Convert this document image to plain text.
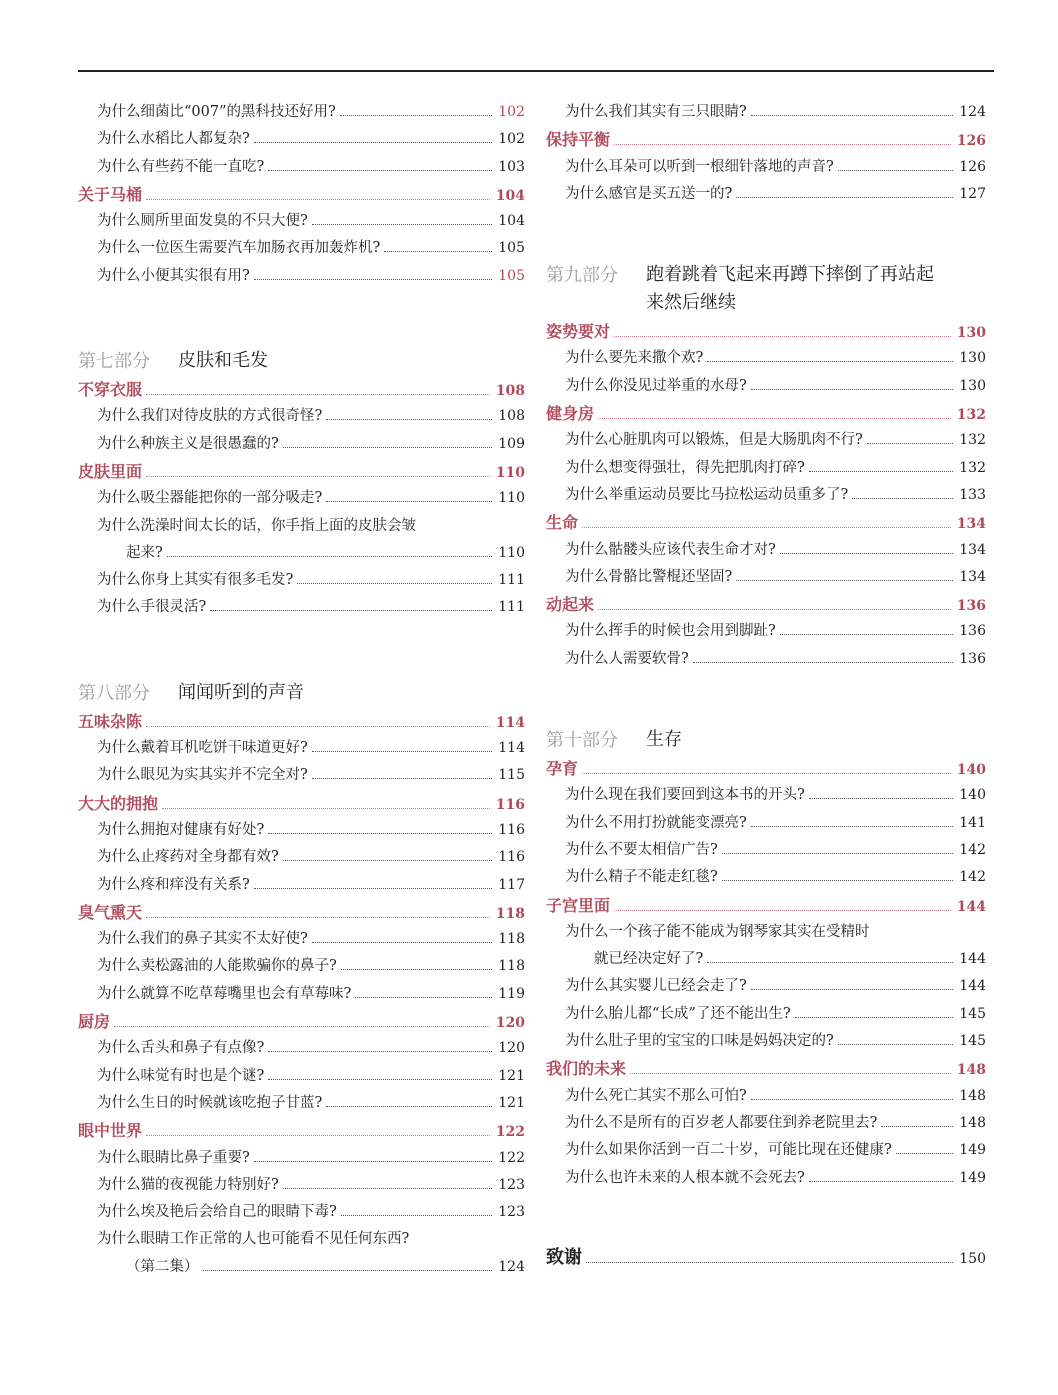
为什么细菌比“007”的黑科技还好用?	102
为什么水稻比人都复杂?	102
为什么有些药不能一直吃?	103
关于马桶	104
为什么厕所里面发臭的不只大便?	104
为什么一位医生需要汽车加肠衣再加轰炸机?	105
为什么小便其实很有用?	105
第七部分	皮肤和毛发
不穿衣服	108
为什么我们对待皮肤的方式很奇怪?	108
为什么种族主义是很愚蠢的?	109
皮肤里面	110
为什么吸尘器能把你的一部分吸走?	110
为什么洗澡时间太长的话，你手指上面的皮肤会皱
起来?	110
为什么你身上其实有很多毛发?	111
为什么手很灵活?	111
第八部分	闻闻听到的声音
五味杂陈	114
为什么戴着耳机吃饼干味道更好?	114
为什么眼见为实其实并不完全对?	115
大大的拥抱	116
为什么拥抱对健康有好处?	116
为什么止疼药对全身都有效?	116
为什么疼和痒没有关系?	117
臭气熏天	118
为什么我们的鼻子其实不太好使?	118
为什么卖松露油的人能欺骗你的鼻子?	118
为什么就算不吃草莓嘴里也会有草莓味?	119
厨房	120
为什么舌头和鼻子有点像?	120
为什么味觉有时也是个谜?	121
为什么生日的时候就该吃抱子甘蓝?	121
眼中世界	122
为什么眼睛比鼻子重要?	122
为什么猫的夜视能力特别好?	123
为什么埃及艳后会给自己的眼睛下毒?	123
为什么眼睛工作正常的人也可能看不见任何东西?
（第二集）	124
为什么我们其实有三只眼睛?	124
保持平衡	126
为什么耳朵可以听到一根细针落地的声音?	126
为什么感官是买五送一的?	127
第九部分	跑着跳着飞起来再蹲下摔倒了再站起
来然后继续
姿势要对	130
为什么要先来撒个欢?	130
为什么你没见过举重的水母?	130
健身房	132
为什么心脏肌肉可以锻炼，但是大肠肌肉不行?	132
为什么想变得强壮，得先把肌肉打碎?	132
为什么举重运动员要比马拉松运动员重多了?	133
生命	134
为什么骷髅头应该代表生命才对?	134
为什么骨骼比警棍还坚固?	134
动起来	136
为什么挥手的时候也会用到脚趾?	136
为什么人需要软骨?	136
第十部分	生存
孕育	140
为什么现在我们要回到这本书的开头?	140
为什么不用打扮就能变漂亮?	141
为什么不要太相信广告?	142
为什么精子不能走红毯?	142
子宫里面	144
为什么一个孩子能不能成为钢琴家其实在受精时
就已经决定好了?	144
为什么其实婴儿已经会走了?	144
为什么胎儿都“长成”了还不能出生?	145
为什么肚子里的宝宝的口味是妈妈决定的?	145
我们的未来	148
为什么死亡其实不那么可怕?	148
为什么不是所有的百岁老人都要住到养老院里去?	148
为什么如果你活到一百二十岁，可能比现在还健康?	149
为什么也许未来的人根本就不会死去?	149
致谢	150
